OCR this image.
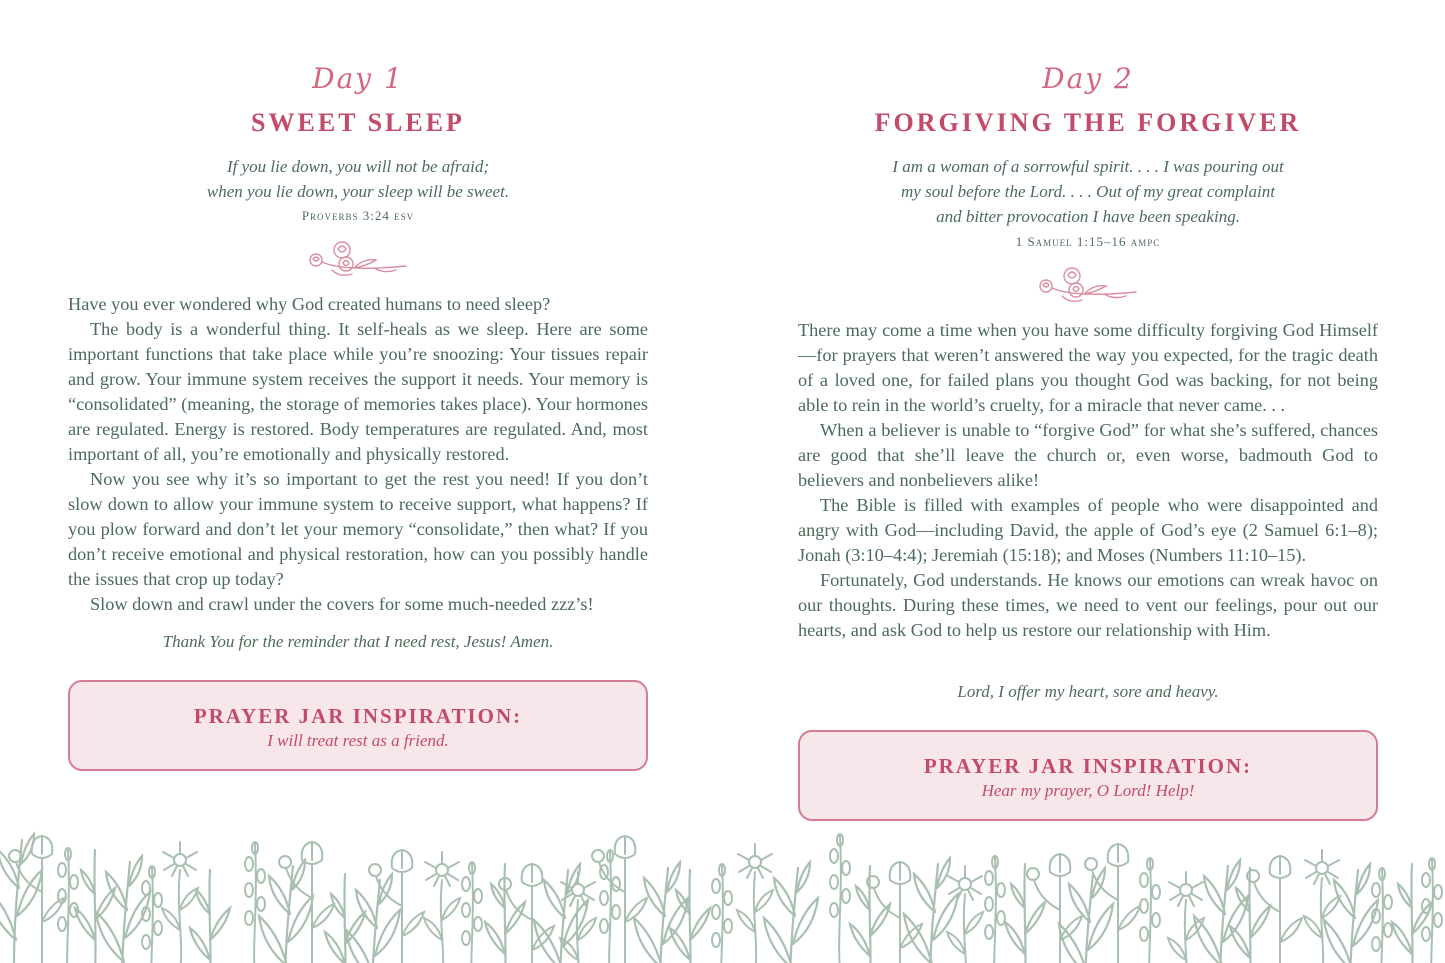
Day 1
SWEET SLEEP
If you lie down, you will not be afraid;
when you lie down, your sleep will be sweet.
Proverbs 3:24 esv

Have you ever wondered why God created humans to need sleep?

The body is a wonderful thing. It self-heals as we sleep. Here are some important functions that take place while you’re snoozing: Your tissues repair and grow. Your immune system receives the support it needs. Your memory is “consolidated” (meaning, the storage of memories takes place). Your hormones are regulated. Energy is restored. Body temperatures are regulated. And, most important of all, you’re emotionally and physically restored.

Now you see why it’s so important to get the rest you need! If you don’t slow down to allow your immune system to receive support, what happens? If you plow forward and don’t let your memory “consolidate,” then what? If you don’t receive emotional and physical restoration, how can you possibly handle the issues that crop up today?

Slow down and crawl under the covers for some much-needed zzz’s!

Thank You for the reminder that I need rest, Jesus! Amen.
PRAYER JAR INSPIRATION:
I will treat rest as a friend.
Day 2
FORGIVING THE FORGIVER
I am a woman of a sorrowful spirit. . . . I was pouring out
my soul before the Lord. . . . Out of my great complaint
and bitter provocation I have been speaking.
1 Samuel 1:15–16 ampc

There may come a time when you have some difficulty forgiving God Himself—for prayers that weren’t answered the way you expected, for the tragic death of a loved one, for failed plans you thought God was backing, for not being able to rein in the world’s cruelty, for a miracle that never came. . .

When a believer is unable to “forgive God” for what she’s suffered, chances are good that she’ll leave the church or, even worse, badmouth God to believers and nonbelievers alike!

The Bible is filled with examples of people who were disappointed and angry with God—including David, the apple of God’s eye (2 Samuel 6:1–8); Jonah (3:10–4:4); Jeremiah (15:18); and Moses (Numbers 11:10–15).

Fortunately, God understands. He knows our emotions can wreak havoc on our thoughts. During these times, we need to vent our feelings, pour out our hearts, and ask God to help us restore our relationship with Him.

Lord, I offer my heart, sore and heavy.
PRAYER JAR INSPIRATION:
Hear my prayer, O Lord! Help!
